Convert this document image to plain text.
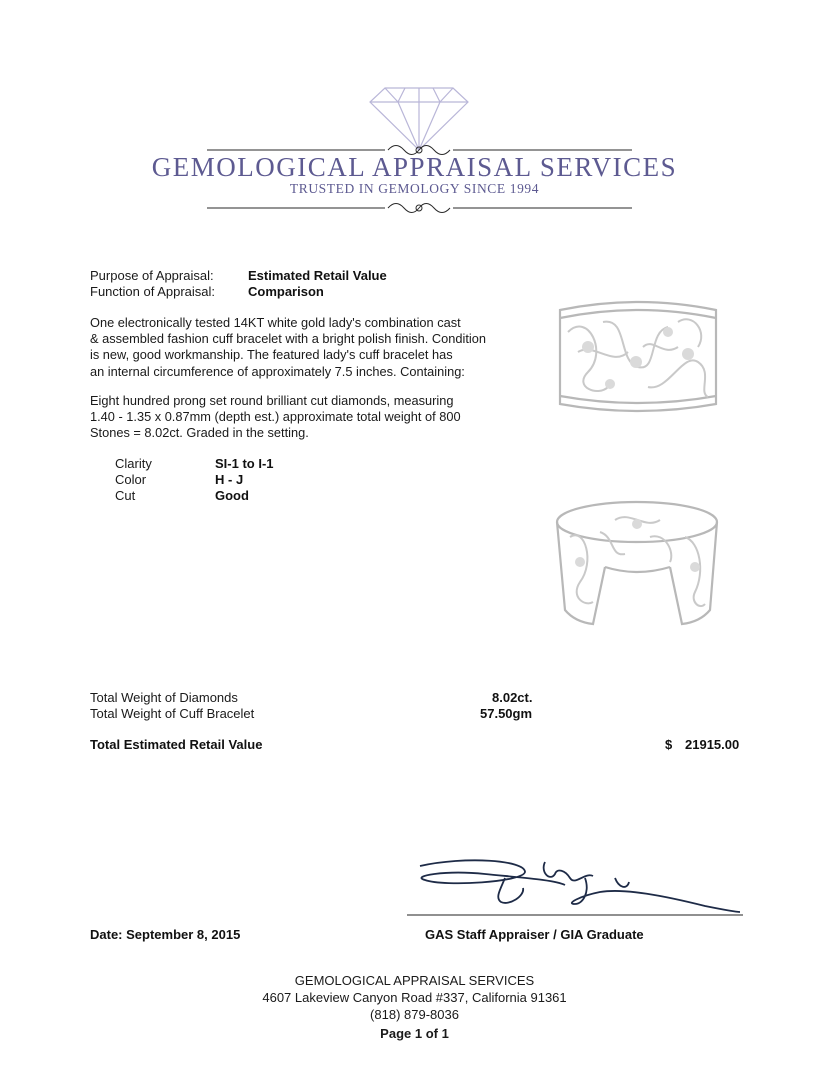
GEMOLOGICAL APPRAISAL SERVICES
TRUSTED IN GEMOLOGY SINCE 1994
Purpose of Appraisal:	Estimated Retail Value
Function of Appraisal:	Comparison
One electronically tested 14KT white gold lady's combination cast
& assembled fashion cuff bracelet with a bright polish finish. Condition
is new, good workmanship. The featured lady's cuff bracelet has
an internal circumference of approximately 7.5 inches. Containing:
Eight hundred prong set round brilliant cut diamonds, measuring
1.40 - 1.35 x 0.87mm (depth est.) approximate total weight of 800
Stones = 8.02ct. Graded in the setting.
Clarity	SI-1 to I-1
Color	H - J
Cut	Good
Total Weight of Diamonds	8.02ct.
Total Weight of Cuff Bracelet	57.50gm
Total Estimated Retail Value	$ 21915.00
Date: September 8, 2015	GAS Staff Appraiser / GIA Graduate
GEMOLOGICAL APPRAISAL SERVICES
4607 Lakeview Canyon Road #337, California 91361
(818) 879-8036
Page 1 of 1
